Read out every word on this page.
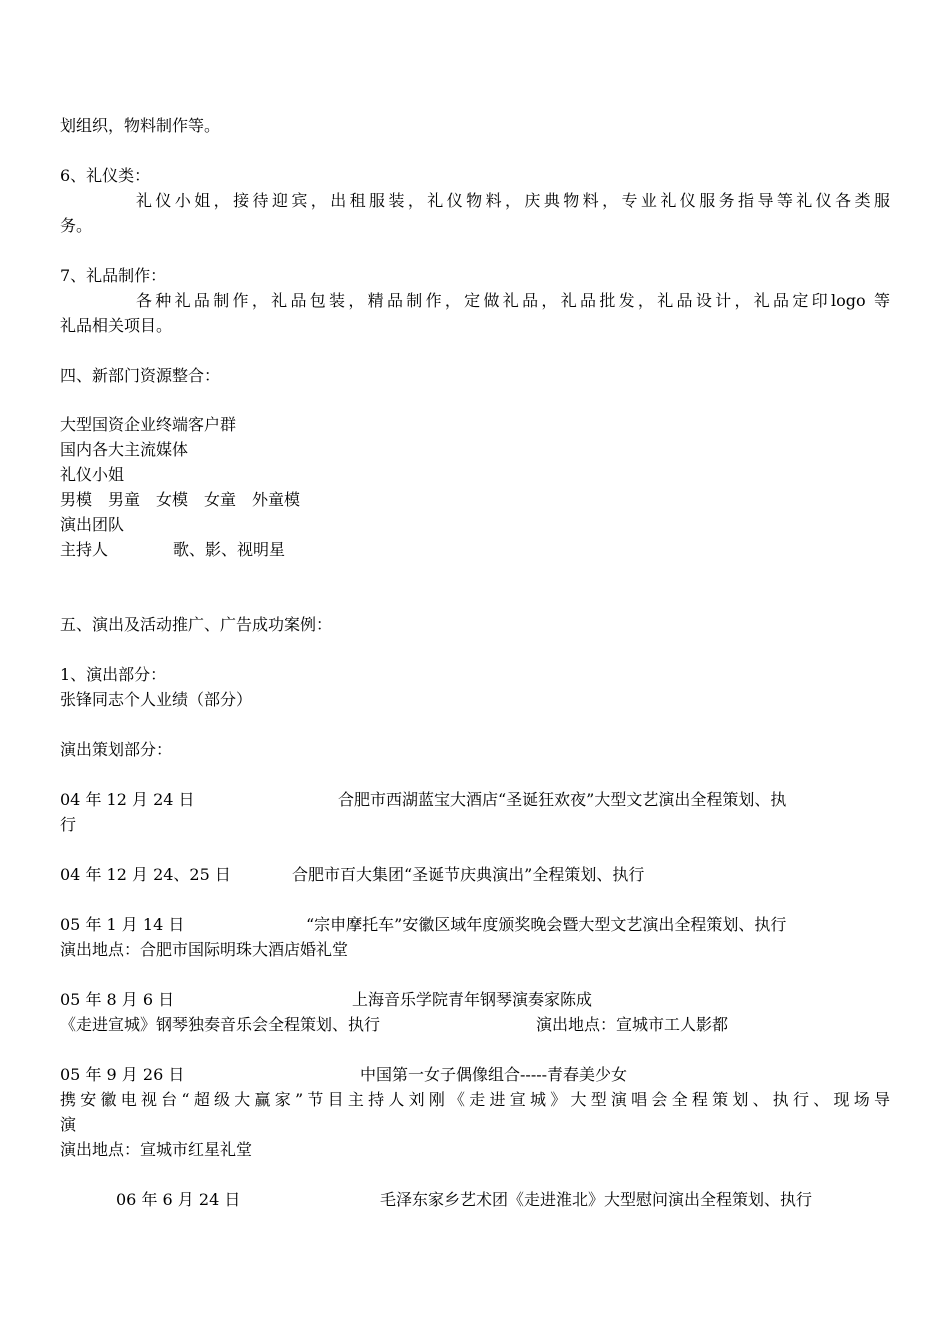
划组织，物料制作等。
6、礼仪类：
礼仪小姐，接待迎宾，出租服装，礼仪物料，庆典物料，专业礼仪服务指导等礼仪各类服
务。
7、礼品制作：
各种礼品制作，礼品包装，精品制作，定做礼品，礼品批发，礼品设计，礼品定印logo 等
礼品相关项目。
四、新部门资源整合：
大型国资企业终端客户群
国内各大主流媒体
礼仪小姐
男模　男童　女模　女童　外童模
演出团队
主持人	歌、影、视明星
五、演出及活动推广、广告成功案例：
1、演出部分：
张锋同志个人业绩（部分）
演出策划部分：
04 年 12 月 24 日	合肥市西湖蓝宝大酒店“圣诞狂欢夜”大型文艺演出全程策划、执
行
04 年 12 月 24、25 日	合肥市百大集团“圣诞节庆典演出”全程策划、执行
05 年 1 月 14 日	“宗申摩托车”安徽区域年度颁奖晚会暨大型文艺演出全程策划、执行
演出地点：合肥市国际明珠大酒店婚礼堂
05 年 8 月 6 日	上海音乐学院青年钢琴演奏家陈成
《走进宣城》钢琴独奏音乐会全程策划、执行	演出地点：宣城市工人影都
05 年 9 月 26 日	中国第一女子偶像组合-----青春美少女
携安徽电视台“超级大赢家”节目主持人刘刚《走进宣城》大型演唱会全程策划、执行、现场导
演
演出地点：宣城市红星礼堂
06 年 6 月 24 日	毛泽东家乡艺术团《走进淮北》大型慰问演出全程策划、执行
